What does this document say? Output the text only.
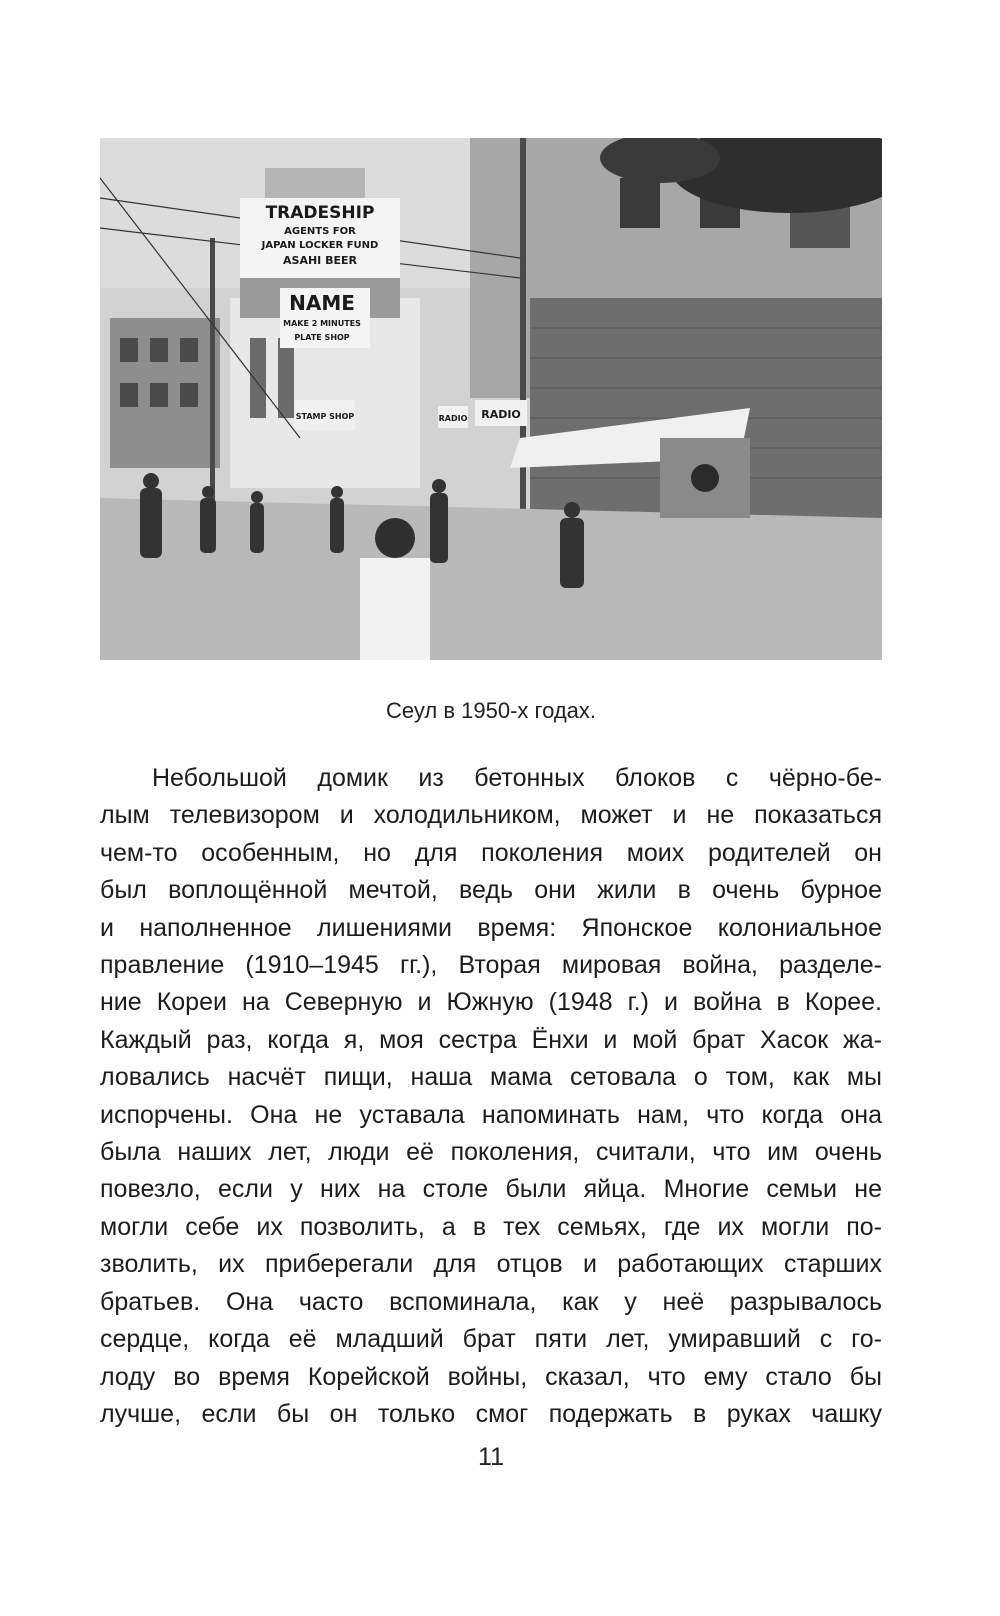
TRADESHIP
AGENTS FOR
JAPAN LOCKER FUND
ASAHI BEER
NAME
MAKE 2 MINUTES
PLATE SHOP
RADIO RADIO
STAMP SHOP
Сеул в 1950-х годах.
Небольшой домик из бетонных блоков с чёрно-бе-
лым телевизором и холодильником, может и не показаться
чем-то особенным, но для поколения моих родителей он
был воплощённой мечтой, ведь они жили в очень бурное
и наполненное лишениями время: Японское колониальное
правление (1910–1945 гг.), Вторая мировая война, разделе-
ние Кореи на Северную и Южную (1948 г.) и война в Корее.
Каждый раз, когда я, моя сестра Ёнхи и мой брат Хасок жа-
ловались насчёт пищи, наша мама сетовала о том, как мы
испорчены. Она не уставала напоминать нам, что когда она
была наших лет, люди её поколения, считали, что им очень
повезло, если у них на столе были яйца. Многие семьи не
могли себе их позволить, а в тех семьях, где их могли по-
зволить, их приберегали для отцов и работающих старших
братьев. Она часто вспоминала, как у неё разрывалось
сердце, когда её младший брат пяти лет, умиравший с го-
лоду во время Корейской войны, сказал, что ему стало бы
лучше, если бы он только смог подержать в руках чашку
11
